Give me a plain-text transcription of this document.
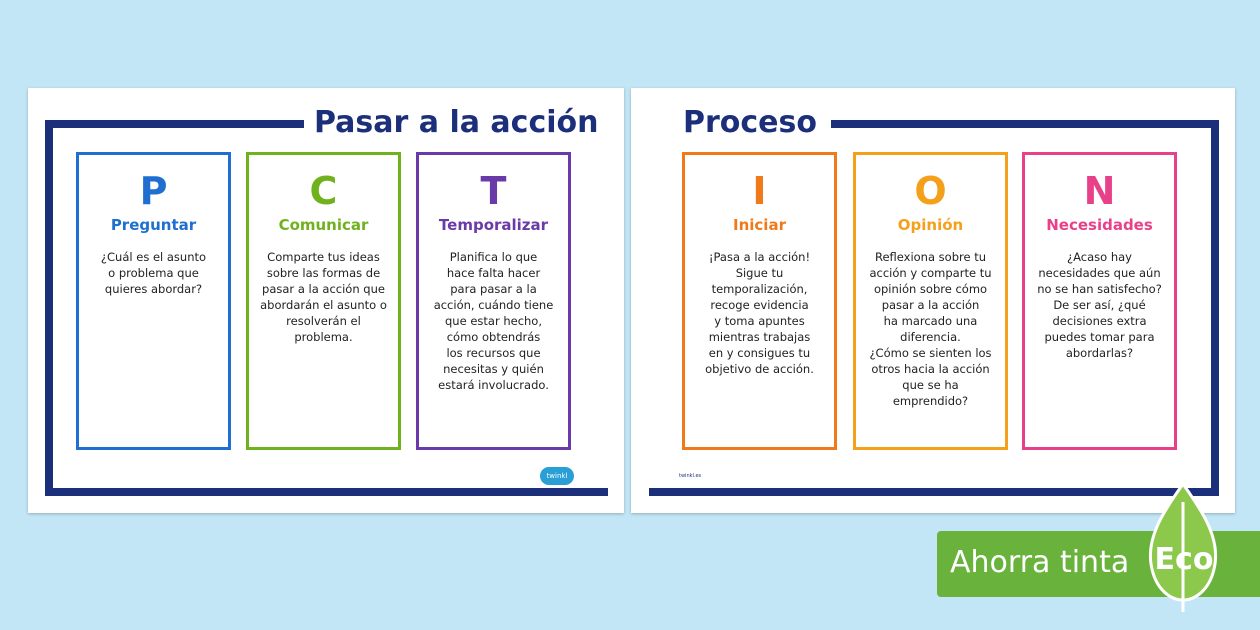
Pasar a la acción
P
Preguntar
¿Cuál es el asunto
o problema que
quieres abordar?
C
Comunicar
Comparte tus ideas
sobre las formas de
pasar a la acción que
abordarán el asunto o
resolverán el problema.
T
Temporalizar
Planifica lo que
hace falta hacer
para pasar a la
acción, cuándo tiene
que estar hecho,
cómo obtendrás
los recursos que
necesitas y quién
estará involucrado.
twinkl
Proceso
I
Iniciar
¡Pasa a la acción!
Sigue tu
temporalización,
recoge evidencia
y toma apuntes
mientras trabajas
en y consigues tu
objetivo de acción.
O
Opinión
Reflexiona sobre tu
acción y comparte tu
opinión sobre cómo
pasar a la acción
ha marcado una
diferencia.
¿Cómo se sienten los
otros hacia la acción
que se ha emprendido?
N
Necesidades
¿Acaso hay
necesidades que aún
no se han satisfecho?
De ser así, ¿qué
decisiones extra
puedes tomar para
abordarlas?
twinkl.es
Ahorra tinta Eco
